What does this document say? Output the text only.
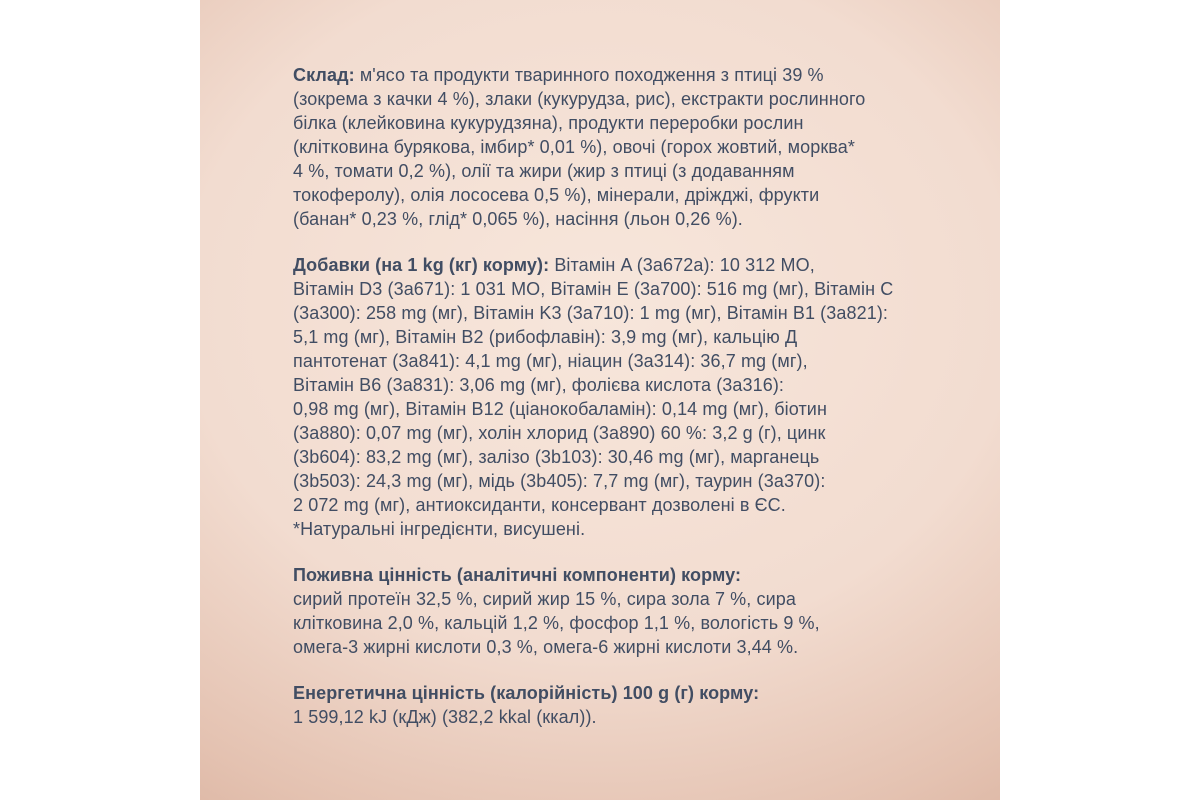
Склад: м'ясо та продукти тваринного походження з птиці 39 %
(зокрема з качки 4 %), злаки (кукурудза, рис), екстракти рослинного
білка (клейковина кукурудзяна), продукти переробки рослин
(клітковина бурякова, імбир* 0,01 %), овочі (горох жовтий, морква*
4 %, томати 0,2 %), олії та жири (жир з птиці (з додаванням
токоферолу), олія лососева 0,5 %), мінерали, дріжджі, фрукти
(банан* 0,23 %, глід* 0,065 %), насіння (льон 0,26 %).
Добавки (на 1 kg (кг) корму): Вітамін A (3a672a): 10 312 МО,
Вітамін D3 (3a671): 1 031 МО, Вітамін E (3a700): 516 mg (мг), Вітамін C
(3a300): 258 mg (мг), Вітамін K3 (3a710): 1 mg (мг), Вітамін B1 (3a821):
5,1 mg (мг), Вітамін B2 (рибофлавін): 3,9 mg (мг), кальцію Д
пантотенат (3a841): 4,1 mg (мг), ніацин (3a314): 36,7 mg (мг),
Вітамін B6 (3a831): 3,06 mg (мг), фолієва кислота (3a316):
0,98 mg (мг), Вітамін B12 (ціанокобаламін): 0,14 mg (мг), біотин
(3a880): 0,07 mg (мг), холін хлорид (3a890) 60 %: 3,2 g (г), цинк
(3b604): 83,2 mg (мг), залізо (3b103): 30,46 mg (мг), марганець
(3b503): 24,3 mg (мг), мідь (3b405): 7,7 mg (мг), таурин (3a370):
2 072 mg (мг), антиоксиданти, консервант дозволені в ЄС.
*Натуральні інгредієнти, висушені.
Поживна цінність (аналітичні компоненти) корму:
сирий протеїн 32,5 %, сирий жир 15 %, сира зола 7 %, сира
клітковина 2,0 %, кальцій 1,2 %, фосфор 1,1 %, вологість 9 %,
омега-3 жирні кислоти 0,3 %, омега-6 жирні кислоти 3,44 %.
Енергетична цінність (калорійність) 100 g (г) корму:
1 599,12 kJ (кДж) (382,2 kkal (ккал)).
